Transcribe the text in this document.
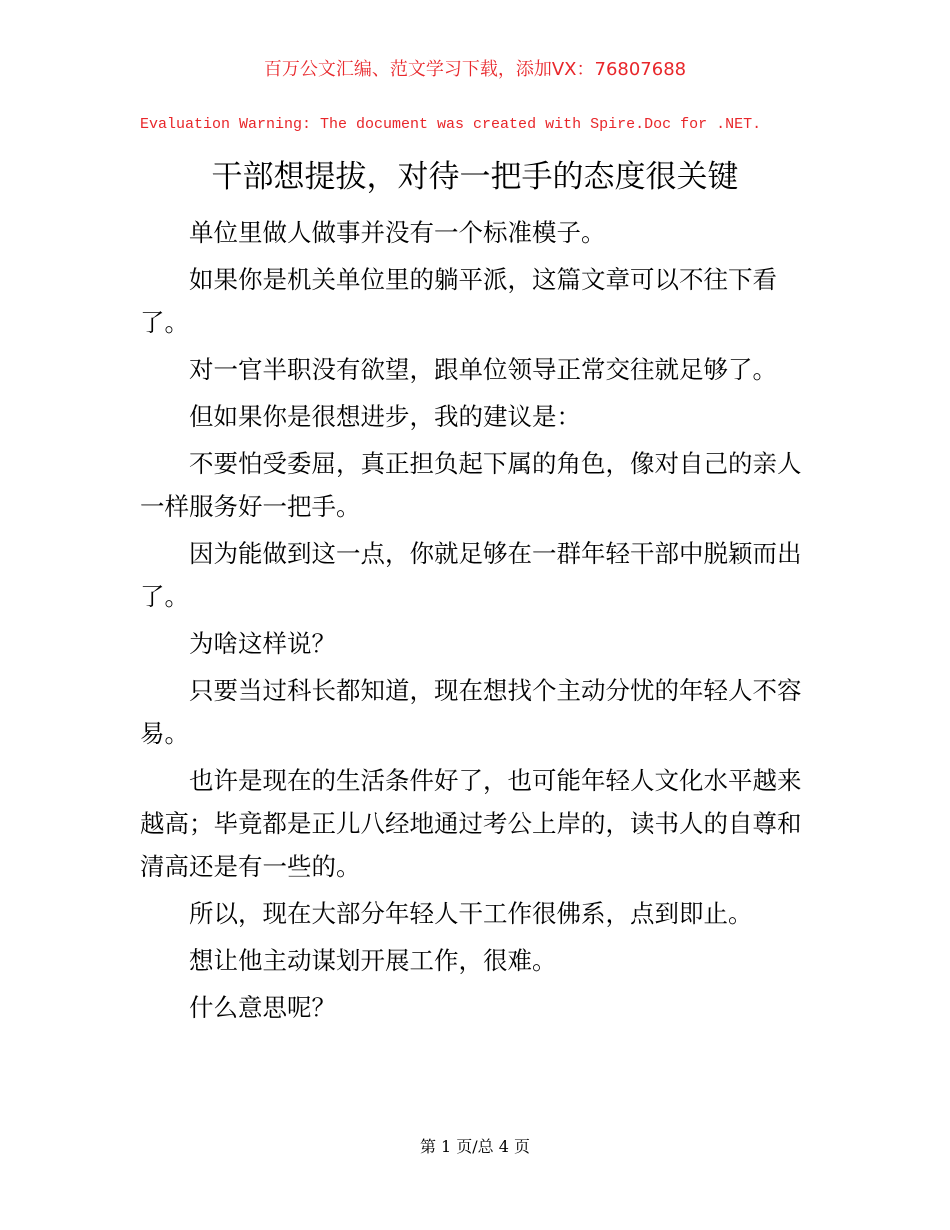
百万公文汇编、范文学习下载，添加VX：76807688
Evaluation Warning: The document was created with Spire.Doc for .NET.
干部想提拔，对待一把手的态度很关键

单位里做人做事并没有一个标准模子。

如果你是机关单位里的躺平派，这篇文章可以不往下看了。

对一官半职没有欲望，跟单位领导正常交往就足够了。

但如果你是很想进步，我的建议是：

不要怕受委屈，真正担负起下属的角色，像对自己的亲人一样服务好一把手。

因为能做到这一点，你就足够在一群年轻干部中脱颖而出了。

为啥这样说？

只要当过科长都知道，现在想找个主动分忧的年轻人不容易。

也许是现在的生活条件好了，也可能年轻人文化水平越来越高；毕竟都是正儿八经地通过考公上岸的，读书人的自尊和清高还是有一些的。

所以，现在大部分年轻人干工作很佛系，点到即止。

想让他主动谋划开展工作，很难。

什么意思呢？

第 1 页/总 4 页
